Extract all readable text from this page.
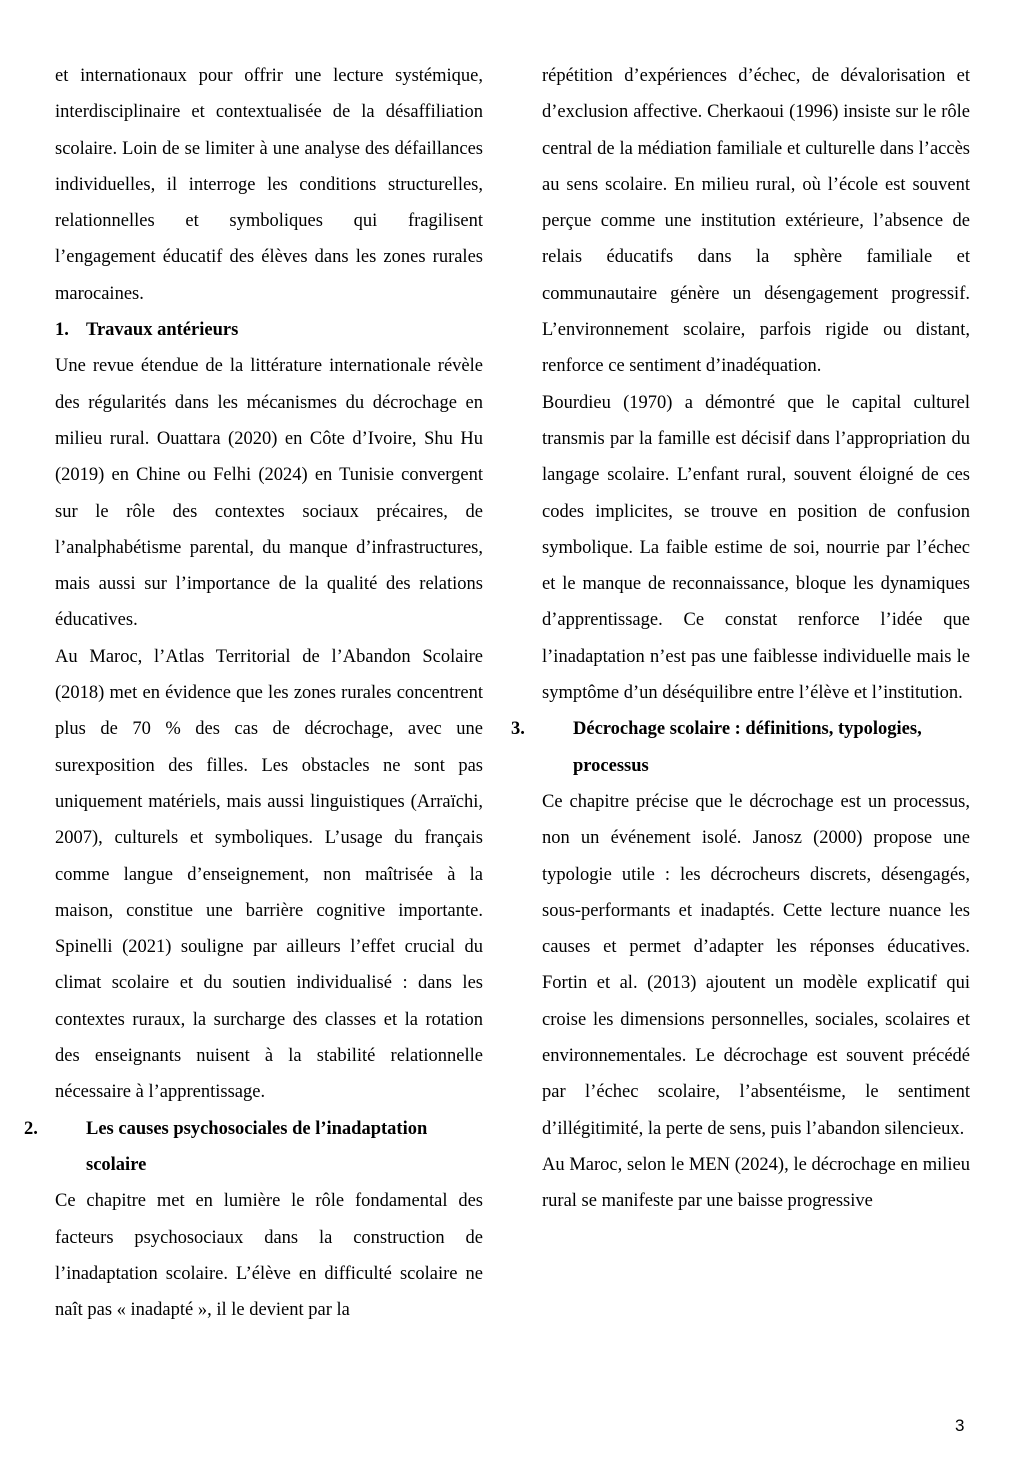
et internationaux pour offrir une lecture systémique, interdisciplinaire et contextualisée de la désaffiliation scolaire. Loin de se limiter à une analyse des défaillances individuelles, il interroge les conditions structurelles, relationnelles et symboliques qui fragilisent l’engagement éducatif des élèves dans les zones rurales marocaines.

1. Travaux antérieurs

Une revue étendue de la littérature internationale révèle des régularités dans les mécanismes du décrochage en milieu rural. Ouattara (2020) en Côte d’Ivoire, Shu Hu (2019) en Chine ou Felhi (2024) en Tunisie convergent sur le rôle des contextes sociaux précaires, de l’analphabétisme parental, du manque d’infrastructures, mais aussi sur l’importance de la qualité des relations éducatives.

Au Maroc, l’Atlas Territorial de l’Abandon Scolaire (2018) met en évidence que les zones rurales concentrent plus de 70 % des cas de décrochage, avec une surexposition des filles. Les obstacles ne sont pas uniquement matériels, mais aussi linguistiques (Arraïchi, 2007), culturels et symboliques. L’usage du français comme langue d’enseignement, non maîtrisée à la maison, constitue une barrière cognitive importante. Spinelli (2021) souligne par ailleurs l’effet crucial du climat scolaire et du soutien individualisé : dans les contextes ruraux, la surcharge des classes et la rotation des enseignants nuisent à la stabilité relationnelle nécessaire à l’apprentissage.

2.	Les causes psychosociales de l’inadaptation scolaire

Ce chapitre met en lumière le rôle fondamental des facteurs psychosociaux dans la construction de l’inadaptation scolaire. L’élève en difficulté scolaire ne naît pas « inadapté », il le devient par la

répétition d’expériences d’échec, de dévalorisation et d’exclusion affective. Cherkaoui (1996) insiste sur le rôle central de la médiation familiale et culturelle dans l’accès au sens scolaire. En milieu rural, où l’école est souvent perçue comme une institution extérieure, l’absence de relais éducatifs dans la sphère familiale et communautaire génère un désengagement progressif. L’environnement scolaire, parfois rigide ou distant, renforce ce sentiment d’inadéquation.

Bourdieu (1970) a démontré que le capital culturel transmis par la famille est décisif dans l’appropriation du langage scolaire. L’enfant rural, souvent éloigné de ces codes implicites, se trouve en position de confusion symbolique. La faible estime de soi, nourrie par l’échec et le manque de reconnaissance, bloque les dynamiques d’apprentissage. Ce constat renforce l’idée que l’inadaptation n’est pas une faiblesse individuelle mais le symptôme d’un déséquilibre entre l’élève et l’institution.

3.	Décrochage scolaire : définitions, typologies, processus

Ce chapitre précise que le décrochage est un processus, non un événement isolé. Janosz (2000) propose une typologie utile : les décrocheurs discrets, désengagés, sous-performants et inadaptés. Cette lecture nuance les causes et permet d’adapter les réponses éducatives. Fortin et al. (2013) ajoutent un modèle explicatif qui croise les dimensions personnelles, sociales, scolaires et environnementales. Le décrochage est souvent précédé par l’échec scolaire, l’absentéisme, le sentiment d’illégitimité, la perte de sens, puis l’abandon silencieux.

Au Maroc, selon le MEN (2024), le décrochage en milieu rural se manifeste par une baisse progressive

3
